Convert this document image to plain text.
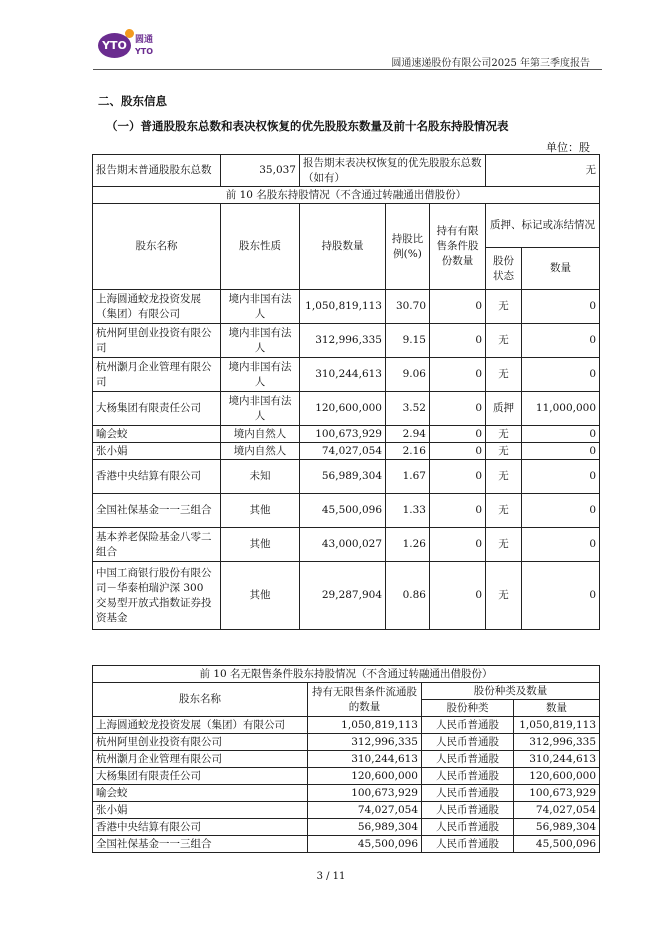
YTO 圆通
YTO
圆通速递股份有限公司2025 年第三季度报告
二、股东信息
（一）普通股股东总数和表决权恢复的优先股股东数量及前十名股东持股情况表
单位：股
报告期末普通股股东总数	35,037	报告期末表决权恢复的优先股股东总数（如有）			无	
前 10 名股东持股情况（不含通过转融通出借股份）						
股东名称	股东性质	持股数量	持股比例(%)	持有有限售条件股份数量	质押、标记或冻结情况	
					股份状态	数量
上海圆通蛟龙投资发展（集团）有限公司	境内非国有法人	1,050,819,113	30.70	0	无	0
杭州阿里创业投资有限公司	境内非国有法人	312,996,335	9.15	0	无	0
杭州灏月企业管理有限公司	境内非国有法人	310,244,613	9.06	0	无	0
大杨集团有限责任公司	境内非国有法人	120,600,000	3.52	0	质押	11,000,000
喻会蛟	境内自然人	100,673,929	2.94	0	无	0
张小娟	境内自然人	74,027,054	2.16	0	无	0
香港中央结算有限公司	未知	56,989,304	1.67	0	无	0
全国社保基金一一三组合	其他	45,500,096	1.33	0	无	0
基本养老保险基金八零二组合	其他	43,000,027	1.26	0	无	0
中国工商银行股份有限公司－华泰柏瑞沪深 300 交易型开放式指数证券投资基金	其他	29,287,904	0.86	0	无	0
前 10 名无限售条件股东持股情况（不含通过转融通出借股份）			
股东名称	持有无限售条件流通股的数量	股份种类及数量	
		股份种类	数量
上海圆通蛟龙投资发展（集团）有限公司	1,050,819,113	人民币普通股	1,050,819,113
杭州阿里创业投资有限公司	312,996,335	人民币普通股	312,996,335
杭州灏月企业管理有限公司	310,244,613	人民币普通股	310,244,613
大杨集团有限责任公司	120,600,000	人民币普通股	120,600,000
喻会蛟	100,673,929	人民币普通股	100,673,929
张小娟	74,027,054	人民币普通股	74,027,054
香港中央结算有限公司	56,989,304	人民币普通股	56,989,304
全国社保基金一一三组合	45,500,096	人民币普通股	45,500,096
3 / 11
